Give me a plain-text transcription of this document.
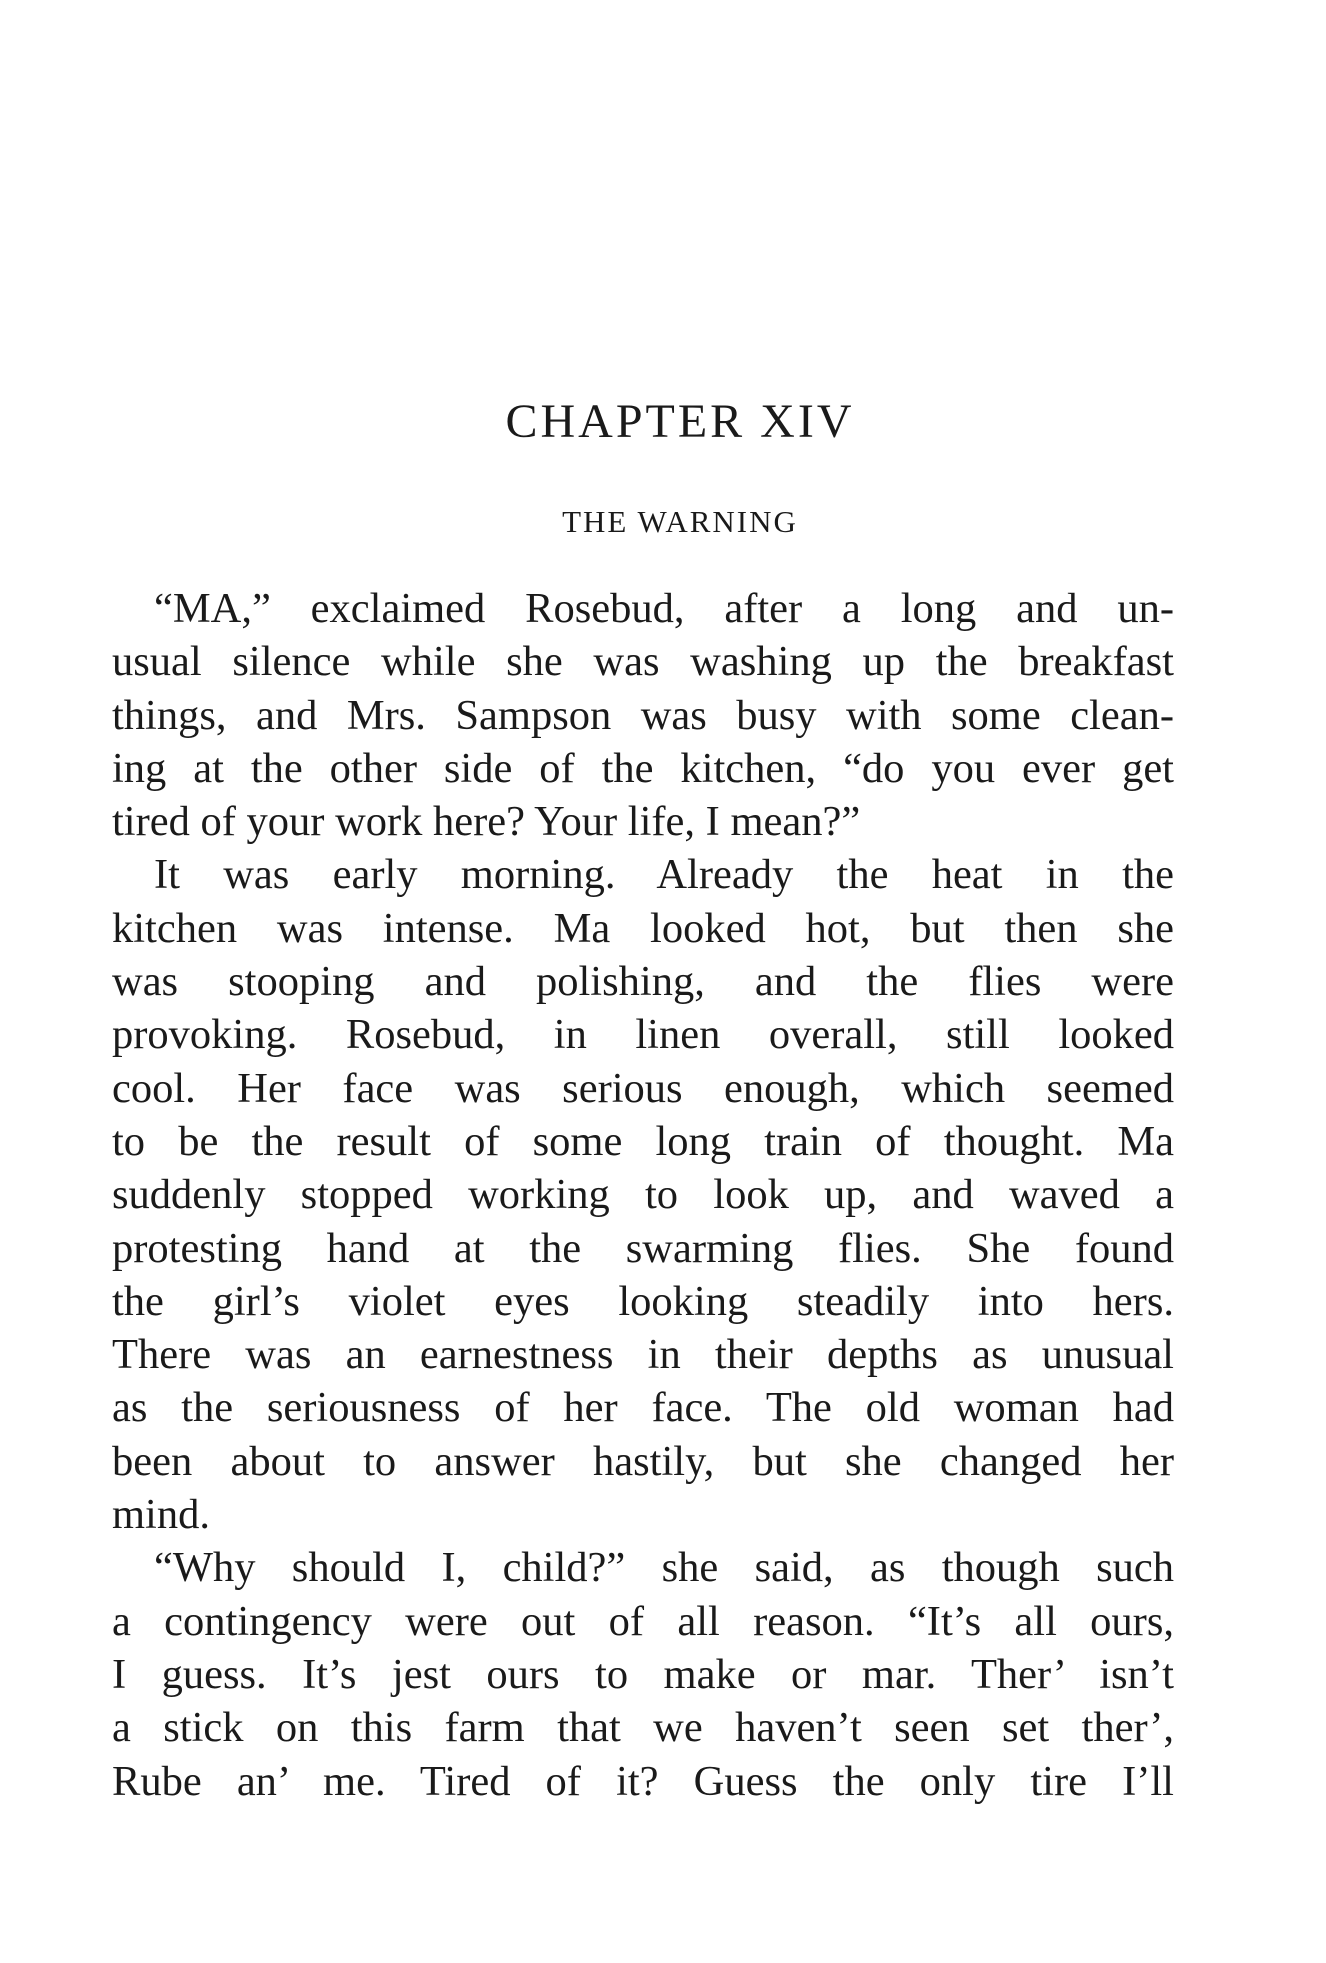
CHAPTER XIV
THE WARNING
“MA,” exclaimed Rosebud, after a long and un-
usual silence while she was washing up the breakfast
things, and Mrs. Sampson was busy with some clean-
ing at the other side of the kitchen, “do you ever get
tired of your work here? Your life, I mean?”
It was early morning. Already the heat in the
kitchen was intense. Ma looked hot, but then she
was stooping and polishing, and the flies were
provoking. Rosebud, in linen overall, still looked
cool. Her face was serious enough, which seemed
to be the result of some long train of thought. Ma
suddenly stopped working to look up, and waved a
protesting hand at the swarming flies. She found
the girl’s violet eyes looking steadily into hers.
There was an earnestness in their depths as unusual
as the seriousness of her face. The old woman had
been about to answer hastily, but she changed her
mind.
“Why should I, child?” she said, as though such
a contingency were out of all reason. “It’s all ours,
I guess. It’s jest ours to make or mar. Ther’ isn’t
a stick on this farm that we haven’t seen set ther’,
Rube an’ me. Tired of it? Guess the only tire I’ll
